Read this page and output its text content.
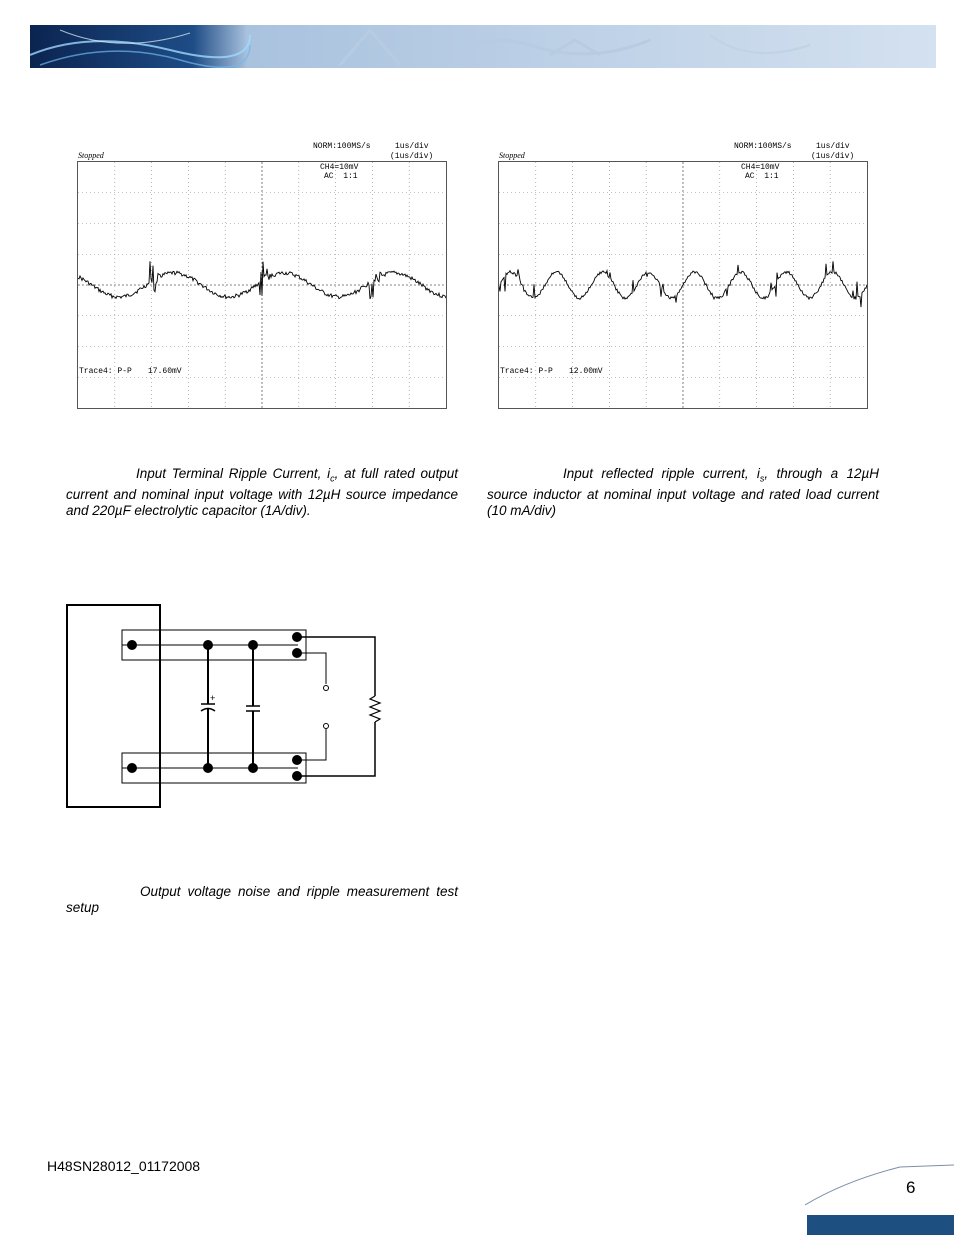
NORM:100MS/s	1us/div
(1us/div)
Stopped
CH4=10mV
AC  1:1
Trace4: P-P 17.60mV
NORM:100MS/s	1us/div
(1us/div)
Stopped
CH4=10mV
AC  1:1
Trace4: P-P 12.00mV
Input Terminal Ripple Current, $i_c$, at full rated output current and nominal input voltage with 12µH source impedance and 220µF electrolytic capacitor (1A/div).
Input reflected ripple current, $i_s$, through a 12µH source inductor at nominal input voltage and rated load current (10 mA/div)
+
Output voltage noise and ripple measurement test setup
H48SN28012_01172008
6
